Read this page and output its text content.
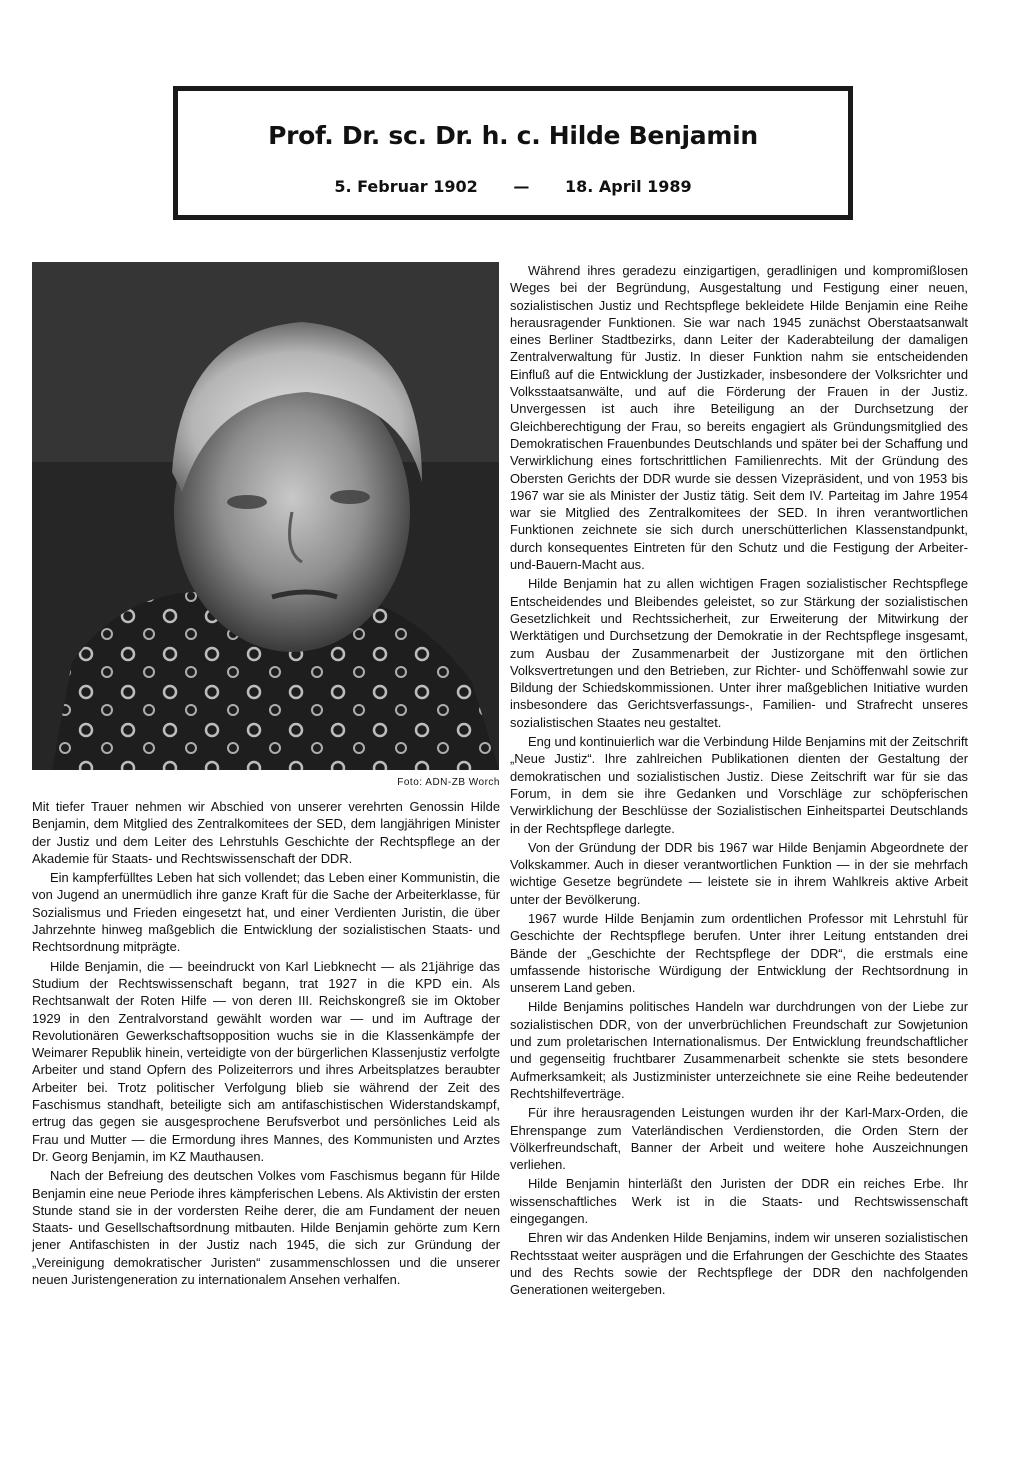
Prof. Dr. sc. Dr. h. c. Hilde Benjamin
5. Februar 1902 — 18. April 1989
Foto: ADN-ZB Worch

Mit tiefer Trauer nehmen wir Abschied von unserer verehrten Genossin Hilde Benjamin, dem Mitglied des Zentralkomitees der SED, dem langjährigen Minister der Justiz und dem Leiter des Lehrstuhls Geschichte der Rechtspflege an der Akademie für Staats- und Rechtswissenschaft der DDR.

Ein kampferfülltes Leben hat sich vollendet; das Leben einer Kommunistin, die von Jugend an unermüdlich ihre ganze Kraft für die Sache der Arbeiterklasse, für Sozialismus und Frieden eingesetzt hat, und einer Verdienten Juristin, die über Jahrzehnte hinweg maßgeblich die Entwicklung der sozialistischen Staats- und Rechtsordnung mitprägte.

Hilde Benjamin, die — beeindruckt von Karl Liebknecht — als 21jährige das Studium der Rechtswissenschaft begann, trat 1927 in die KPD ein. Als Rechtsanwalt der Roten Hilfe — von deren III. Reichskongreß sie im Oktober 1929 in den Zentralvorstand gewählt worden war — und im Auftrage der Revolutionären Gewerkschaftsopposition wuchs sie in die Klassenkämpfe der Weimarer Republik hinein, verteidigte von der bürgerlichen Klassenjustiz verfolgte Arbeiter und stand Opfern des Polizeiterrors und ihres Arbeitsplatzes beraubter Arbeiter bei. Trotz politischer Verfolgung blieb sie während der Zeit des Faschismus standhaft, beteiligte sich am antifaschistischen Widerstandskampf, ertrug das gegen sie ausgesprochene Berufsverbot und persönliches Leid als Frau und Mutter — die Ermordung ihres Mannes, des Kommunisten und Arztes Dr. Georg Benjamin, im KZ Mauthausen.

Nach der Befreiung des deutschen Volkes vom Faschismus begann für Hilde Benjamin eine neue Periode ihres kämpferischen Lebens. Als Aktivistin der ersten Stunde stand sie in der vordersten Reihe derer, die am Fundament der neuen Staats- und Gesellschaftsordnung mitbauten. Hilde Benjamin gehörte zum Kern jener Antifaschisten in der Justiz nach 1945, die sich zur Gründung der „Vereinigung demokratischer Juristen“ zusammenschlossen und die unserer neuen Juristengeneration zu internationalem Ansehen verhalfen.

Während ihres geradezu einzigartigen, geradlinigen und kompromißlosen Weges bei der Begründung, Ausgestaltung und Festigung einer neuen, sozialistischen Justiz und Rechtspflege bekleidete Hilde Benjamin eine Reihe herausragender Funktionen. Sie war nach 1945 zunächst Oberstaatsanwalt eines Berliner Stadtbezirks, dann Leiter der Kaderabteilung der damaligen Zentralverwaltung für Justiz. In dieser Funktion nahm sie entscheidenden Einfluß auf die Entwicklung der Justizkader, insbesondere der Volksrichter und Volksstaatsanwälte, und auf die Förderung der Frauen in der Justiz. Unvergessen ist auch ihre Beteiligung an der Durchsetzung der Gleichberechtigung der Frau, so bereits engagiert als Gründungsmitglied des Demokratischen Frauenbundes Deutschlands und später bei der Schaffung und Verwirklichung eines fortschrittlichen Familienrechts. Mit der Gründung des Obersten Gerichts der DDR wurde sie dessen Vizepräsident, und von 1953 bis 1967 war sie als Minister der Justiz tätig. Seit dem IV. Parteitag im Jahre 1954 war sie Mitglied des Zentralkomitees der SED. In ihren verantwortlichen Funktionen zeichnete sie sich durch unerschütterlichen Klassenstandpunkt, durch konsequentes Eintreten für den Schutz und die Festigung der Arbeiter-und-Bauern-Macht aus.

Hilde Benjamin hat zu allen wichtigen Fragen sozialistischer Rechtspflege Entscheidendes und Bleibendes geleistet, so zur Stärkung der sozialistischen Gesetzlichkeit und Rechtssicherheit, zur Erweiterung der Mitwirkung der Werktätigen und Durchsetzung der Demokratie in der Rechtspflege insgesamt, zum Ausbau der Zusammenarbeit der Justizorgane mit den örtlichen Volksvertretungen und den Betrieben, zur Richter- und Schöffenwahl sowie zur Bildung der Schiedskommissionen. Unter ihrer maßgeblichen Initiative wurden insbesondere das Gerichtsverfassungs-, Familien- und Strafrecht unseres sozialistischen Staates neu gestaltet.

Eng und kontinuierlich war die Verbindung Hilde Benjamins mit der Zeitschrift „Neue Justiz“. Ihre zahlreichen Publikationen dienten der Gestaltung der demokratischen und sozialistischen Justiz. Diese Zeitschrift war für sie das Forum, in dem sie ihre Gedanken und Vorschläge zur schöpferischen Verwirklichung der Beschlüsse der Sozialistischen Einheitspartei Deutschlands in der Rechtspflege darlegte.

Von der Gründung der DDR bis 1967 war Hilde Benjamin Abgeordnete der Volkskammer. Auch in dieser verantwortlichen Funktion — in der sie mehrfach wichtige Gesetze begründete — leistete sie in ihrem Wahlkreis aktive Arbeit unter der Bevölkerung.

1967 wurde Hilde Benjamin zum ordentlichen Professor mit Lehrstuhl für Geschichte der Rechtspflege berufen. Unter ihrer Leitung entstanden drei Bände der „Geschichte der Rechtspflege der DDR“, die erstmals eine umfassende historische Würdigung der Entwicklung der Rechtsordnung in unserem Land geben.

Hilde Benjamins politisches Handeln war durchdrungen von der Liebe zur sozialistischen DDR, von der unverbrüchlichen Freundschaft zur Sowjetunion und zum proletarischen Internationalismus. Der Entwicklung freundschaftlicher und gegenseitig fruchtbarer Zusammenarbeit schenkte sie stets besondere Aufmerksamkeit; als Justizminister unterzeichnete sie eine Reihe bedeutender Rechtshilfeverträge.

Für ihre herausragenden Leistungen wurden ihr der Karl-Marx-Orden, die Ehrenspange zum Vaterländischen Verdienstorden, die Orden Stern der Völkerfreundschaft, Banner der Arbeit und weitere hohe Auszeichnungen verliehen.

Hilde Benjamin hinterläßt den Juristen der DDR ein reiches Erbe. Ihr wissenschaftliches Werk ist in die Staats- und Rechtswissenschaft eingegangen.

Ehren wir das Andenken Hilde Benjamins, indem wir unseren sozialistischen Rechtsstaat weiter ausprägen und die Erfahrungen der Geschichte des Staates und des Rechts sowie der Rechtspflege der DDR den nachfolgenden Generationen weitergeben.
